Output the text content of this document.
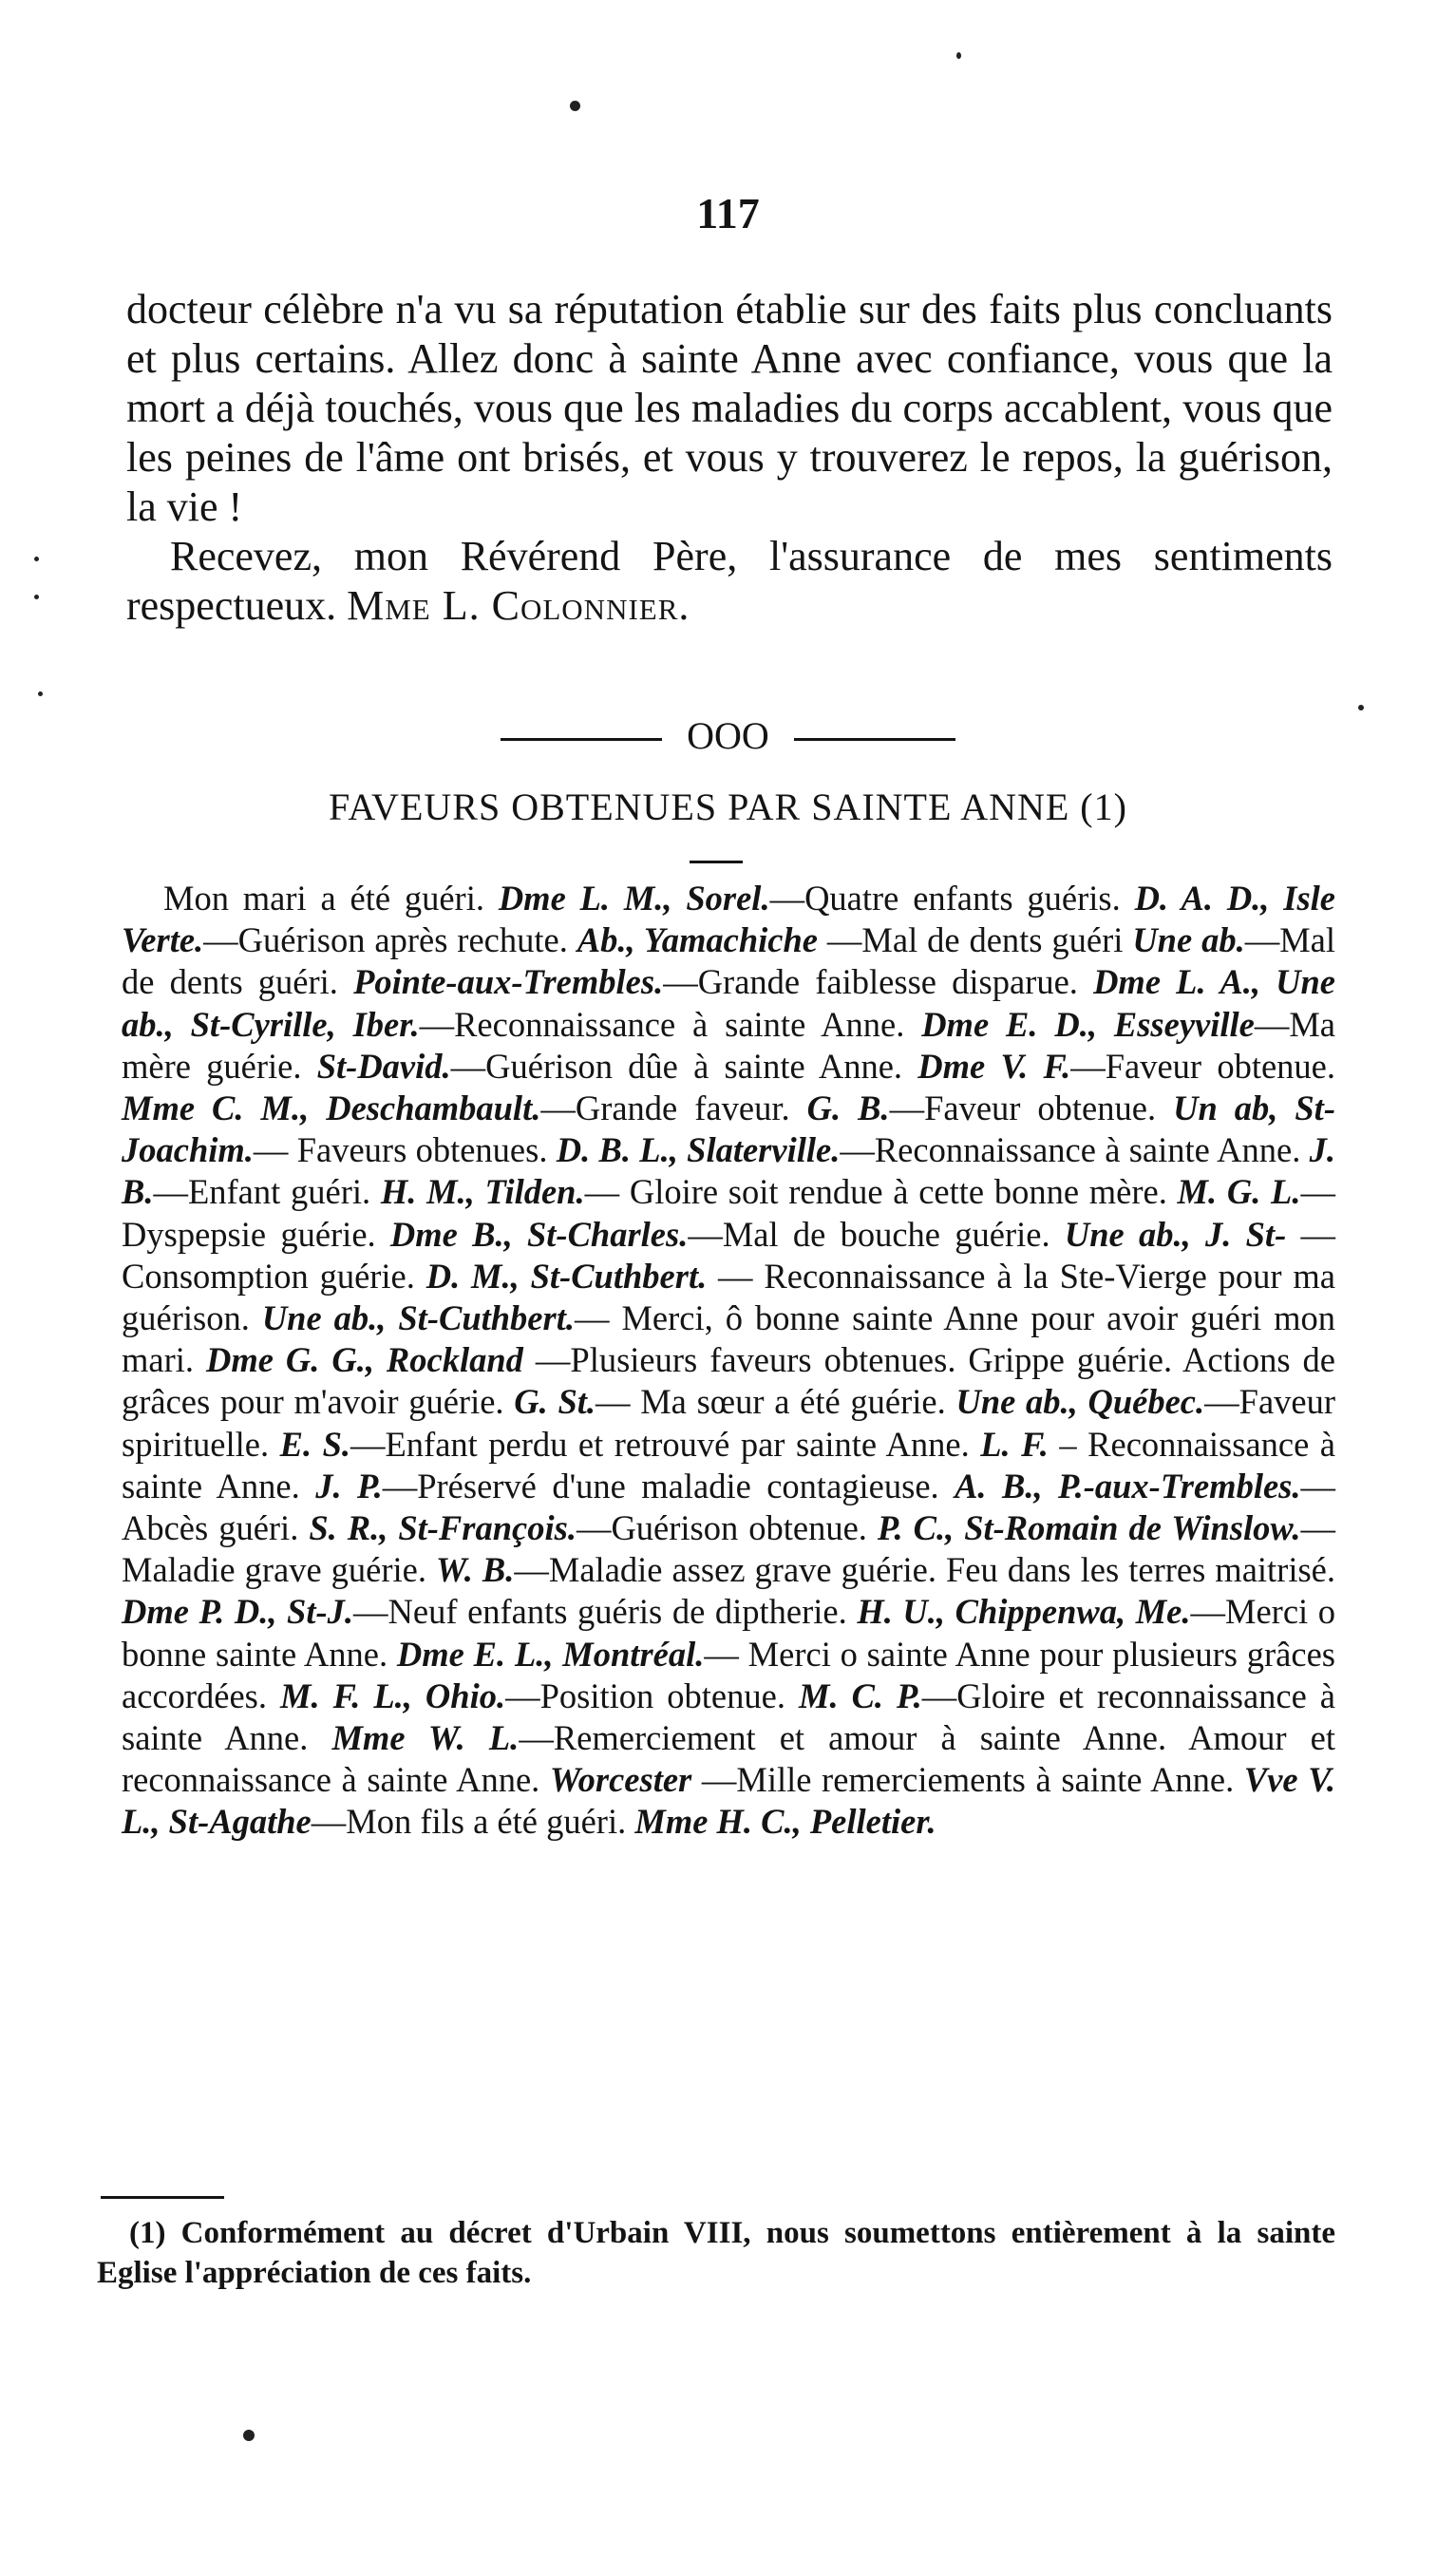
117

docteur célèbre n'a vu sa réputation établie sur des faits plus concluants et plus certains. Allez donc à sainte Anne avec confiance, vous que la mort a déjà touchés, vous que les maladies du corps accablent, vous que les peines de l'âme ont brisés, et vous y trouverez le repos, la guérison, la vie !

Recevez, mon Révérend Père, l'assurance de mes sentiments respectueux. Mme L. Colonnier.

OOO
FAVEURS OBTENUES PAR SAINTE ANNE (1)

Mon mari a été guéri. Dme L. M., Sorel.—Quatre enfants guéris. D. A. D., Isle Verte.—Guérison après rechute. Ab., Yamachiche —Mal de dents guéri Une ab.—Mal de dents guéri. Pointe-aux-Trembles.—Grande faiblesse disparue. Dme L. A., Une ab., St-Cyrille, Iber.—Reconnaissance à sainte Anne. Dme E. D., Esseyville—Ma mère guérie. St-David.—Guérison dûe à sainte Anne. Dme V. F.—Faveur obtenue. Mme C. M., Deschambault.—Grande faveur. G. B.—Faveur obtenue. Un ab, St-Joachim.— Faveurs obtenues. D. B. L., Slaterville.—Reconnaissance à sainte Anne. J. B.—Enfant guéri. H. M., Tilden.— Gloire soit rendue à cette bonne mère. M. G. L.—Dyspepsie guérie. Dme B., St-Charles.—Mal de bouche guérie. Une ab., J. St- — Consomption guérie. D. M., St-Cuthbert. — Reconnaissance à la Ste-Vierge pour ma guérison. Une ab., St-Cuthbert.— Merci, ô bonne sainte Anne pour avoir guéri mon mari. Dme G. G., Rockland —Plusieurs faveurs obtenues. Grippe guérie. Actions de grâces pour m'avoir guérie. G. St.— Ma sœur a été guérie. Une ab., Québec.—Faveur spirituelle. E. S.—Enfant perdu et retrouvé par sainte Anne. L. F. – Reconnaissance à sainte Anne. J. P.—Préservé d'une maladie contagieuse. A. B., P.-aux-Trembles.—Abcès guéri. S. R., St-François.—Guérison obtenue. P. C., St-Romain de Winslow.—Maladie grave guérie. W. B.—Maladie assez grave guérie. Feu dans les terres maitrisé. Dme P. D., St-J.—Neuf enfants guéris de diptherie. H. U., Chippenwa, Me.—Merci o bonne sainte Anne. Dme E. L., Montréal.— Merci o sainte Anne pour plusieurs grâces accordées. M. F. L., Ohio.—Position obtenue. M. C. P.—Gloire et reconnaissance à sainte Anne. Mme W. L.—Remerciement et amour à sainte Anne. Amour et reconnaissance à sainte Anne. Worcester —Mille remerciements à sainte Anne. Vve V. L., St-Agathe—Mon fils a été guéri. Mme H. C., Pelletier.

(1) Conformément au décret d'Urbain VIII, nous soumettons entièrement à la sainte Eglise l'appréciation de ces faits.
